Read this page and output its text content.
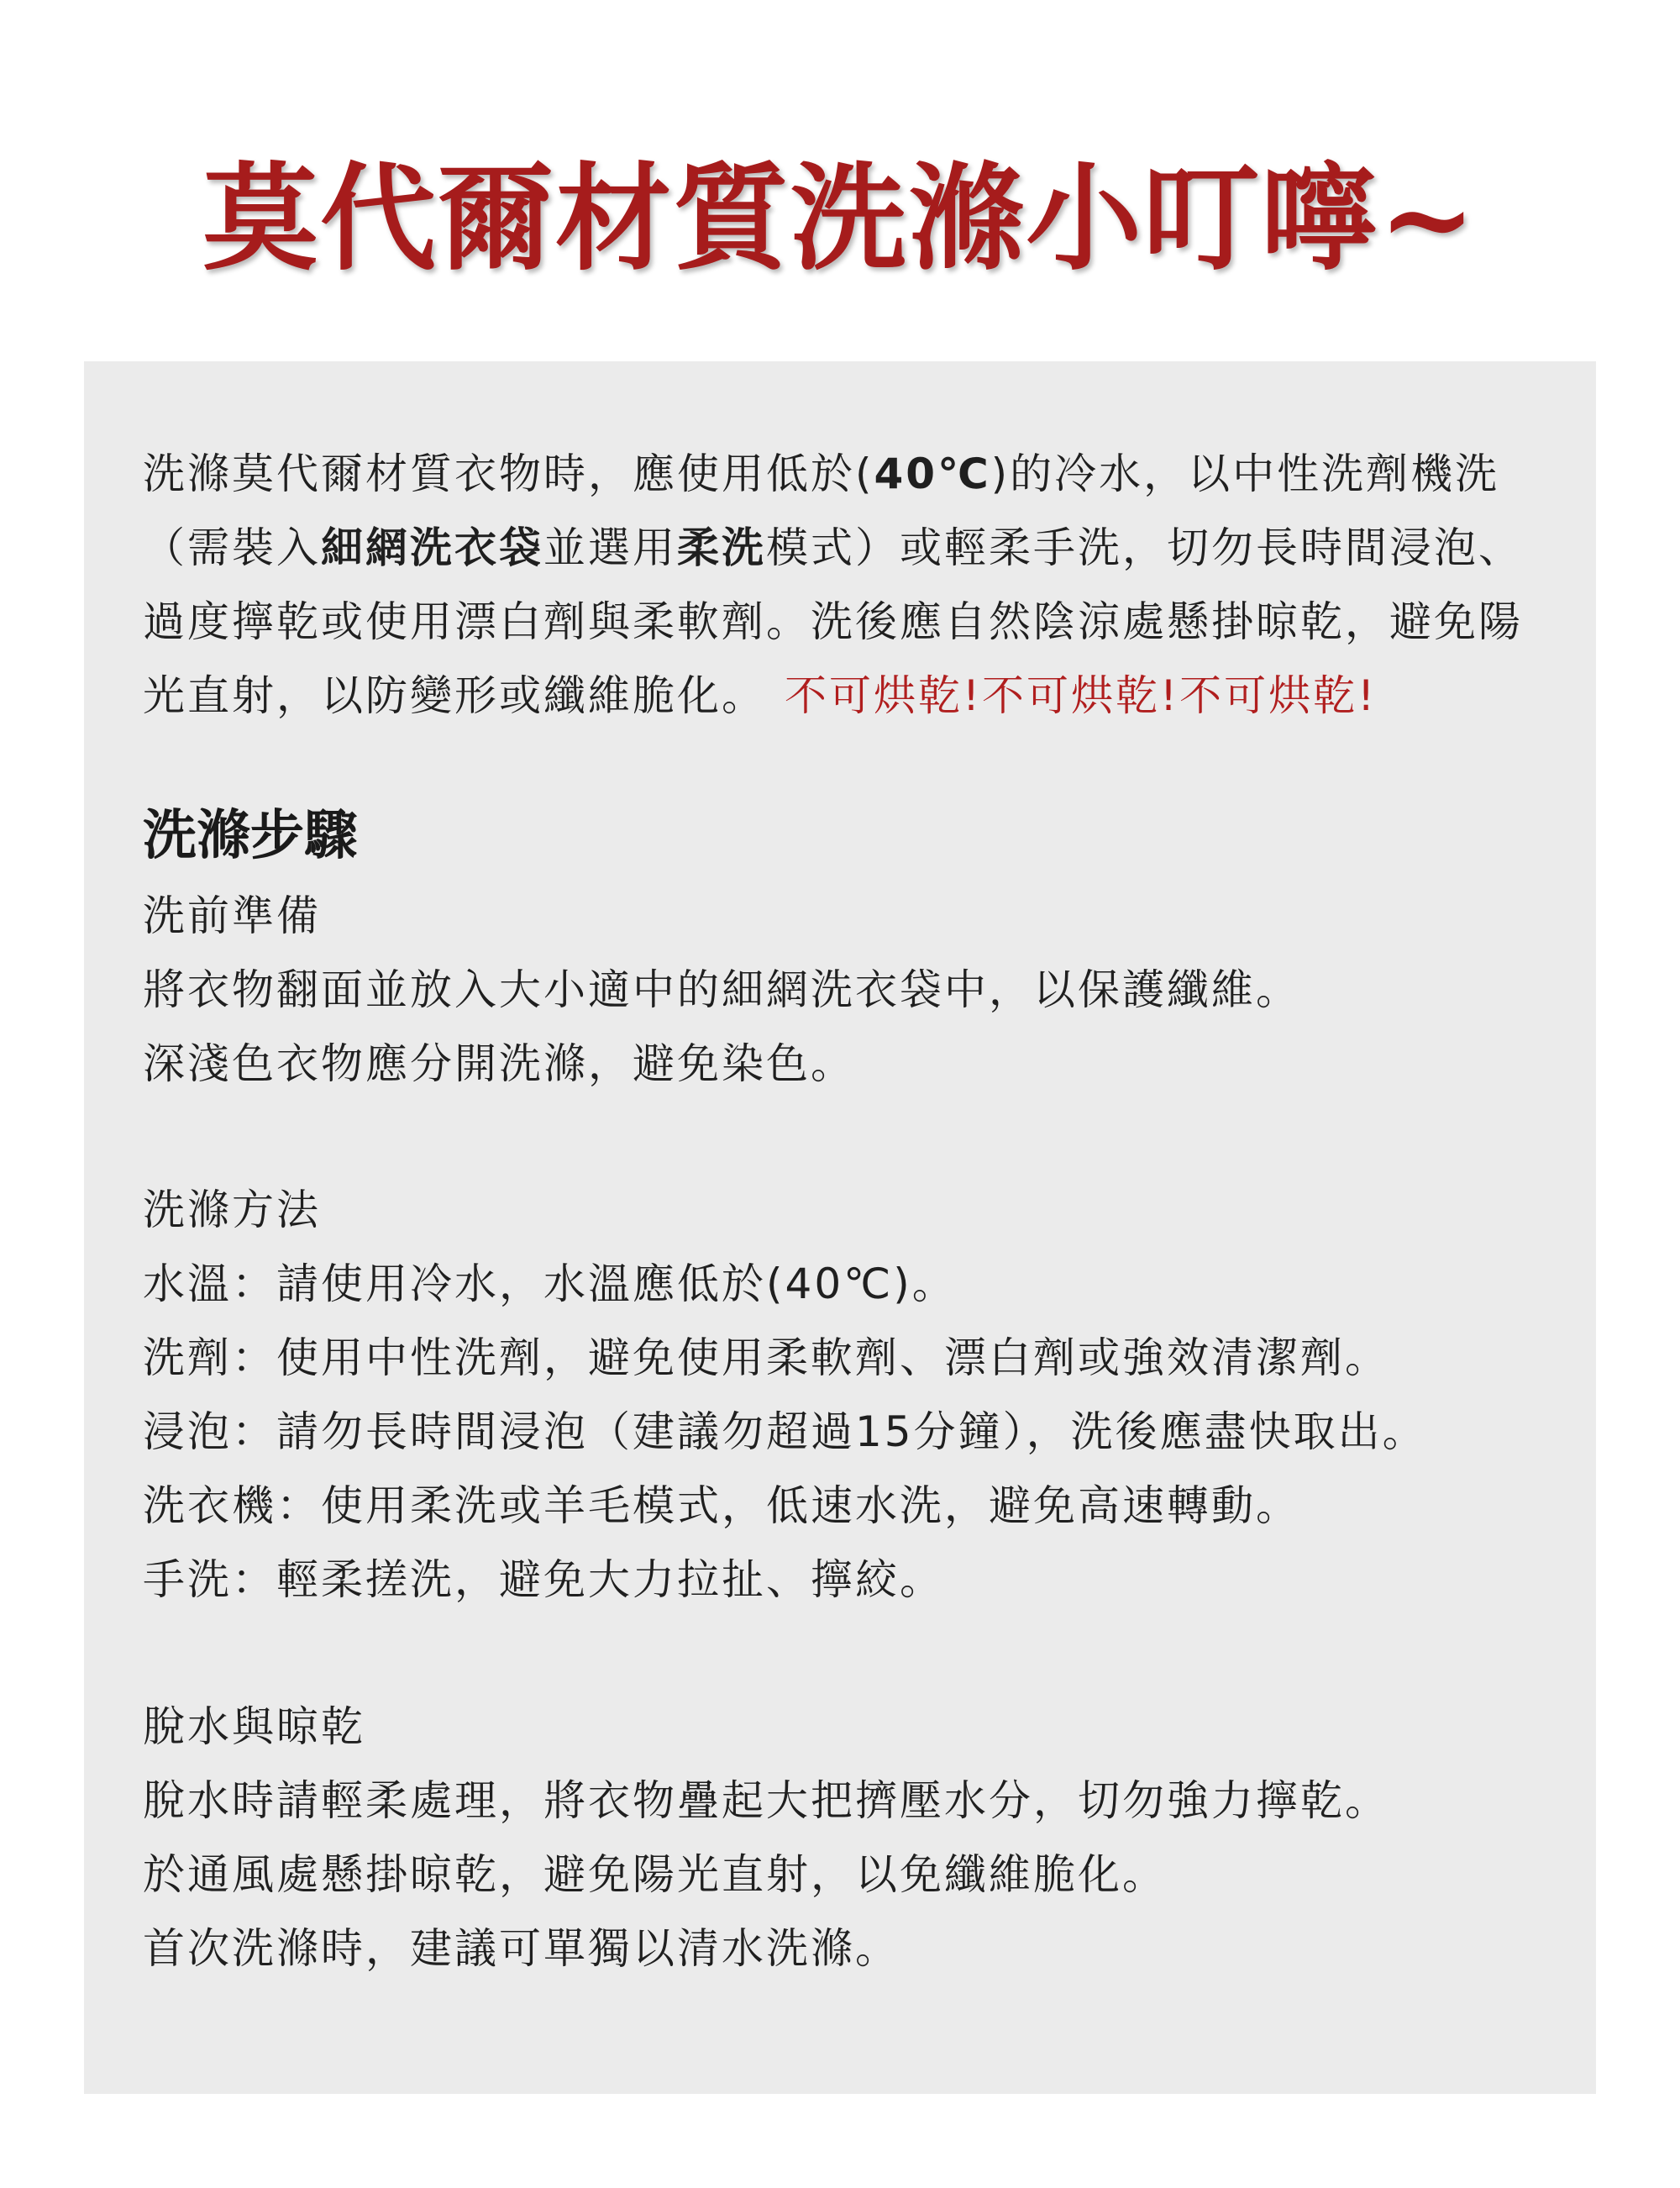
莫代爾材質洗滌小叮嚀~
洗滌莫代爾材質衣物時，應使用低於(40℃)的冷水，以中性洗劑機洗（需裝入細網洗衣袋並選用柔洗模式）或輕柔手洗，切勿長時間浸泡、過度擰乾或使用漂白劑與柔軟劑。洗後應自然陰涼處懸掛晾乾，避免陽光直射，以防變形或纖維脆化。 不可烘乾!不可烘乾!不可烘乾!
洗滌步驟
洗前準備
將衣物翻面並放入大小適中的細網洗衣袋中，以保護纖維。
深淺色衣物應分開洗滌，避免染色。
洗滌方法
水溫：請使用冷水，水溫應低於(40℃)。
洗劑：使用中性洗劑，避免使用柔軟劑、漂白劑或強效清潔劑。
浸泡：請勿長時間浸泡（建議勿超過15分鐘），洗後應盡快取出。
洗衣機：使用柔洗或羊毛模式，低速水洗，避免高速轉動。
手洗：輕柔搓洗，避免大力拉扯、擰絞。
脫水與晾乾
脫水時請輕柔處理，將衣物疊起大把擠壓水分，切勿強力擰乾。
於通風處懸掛晾乾，避免陽光直射，以免纖維脆化。
首次洗滌時，建議可單獨以清水洗滌。
